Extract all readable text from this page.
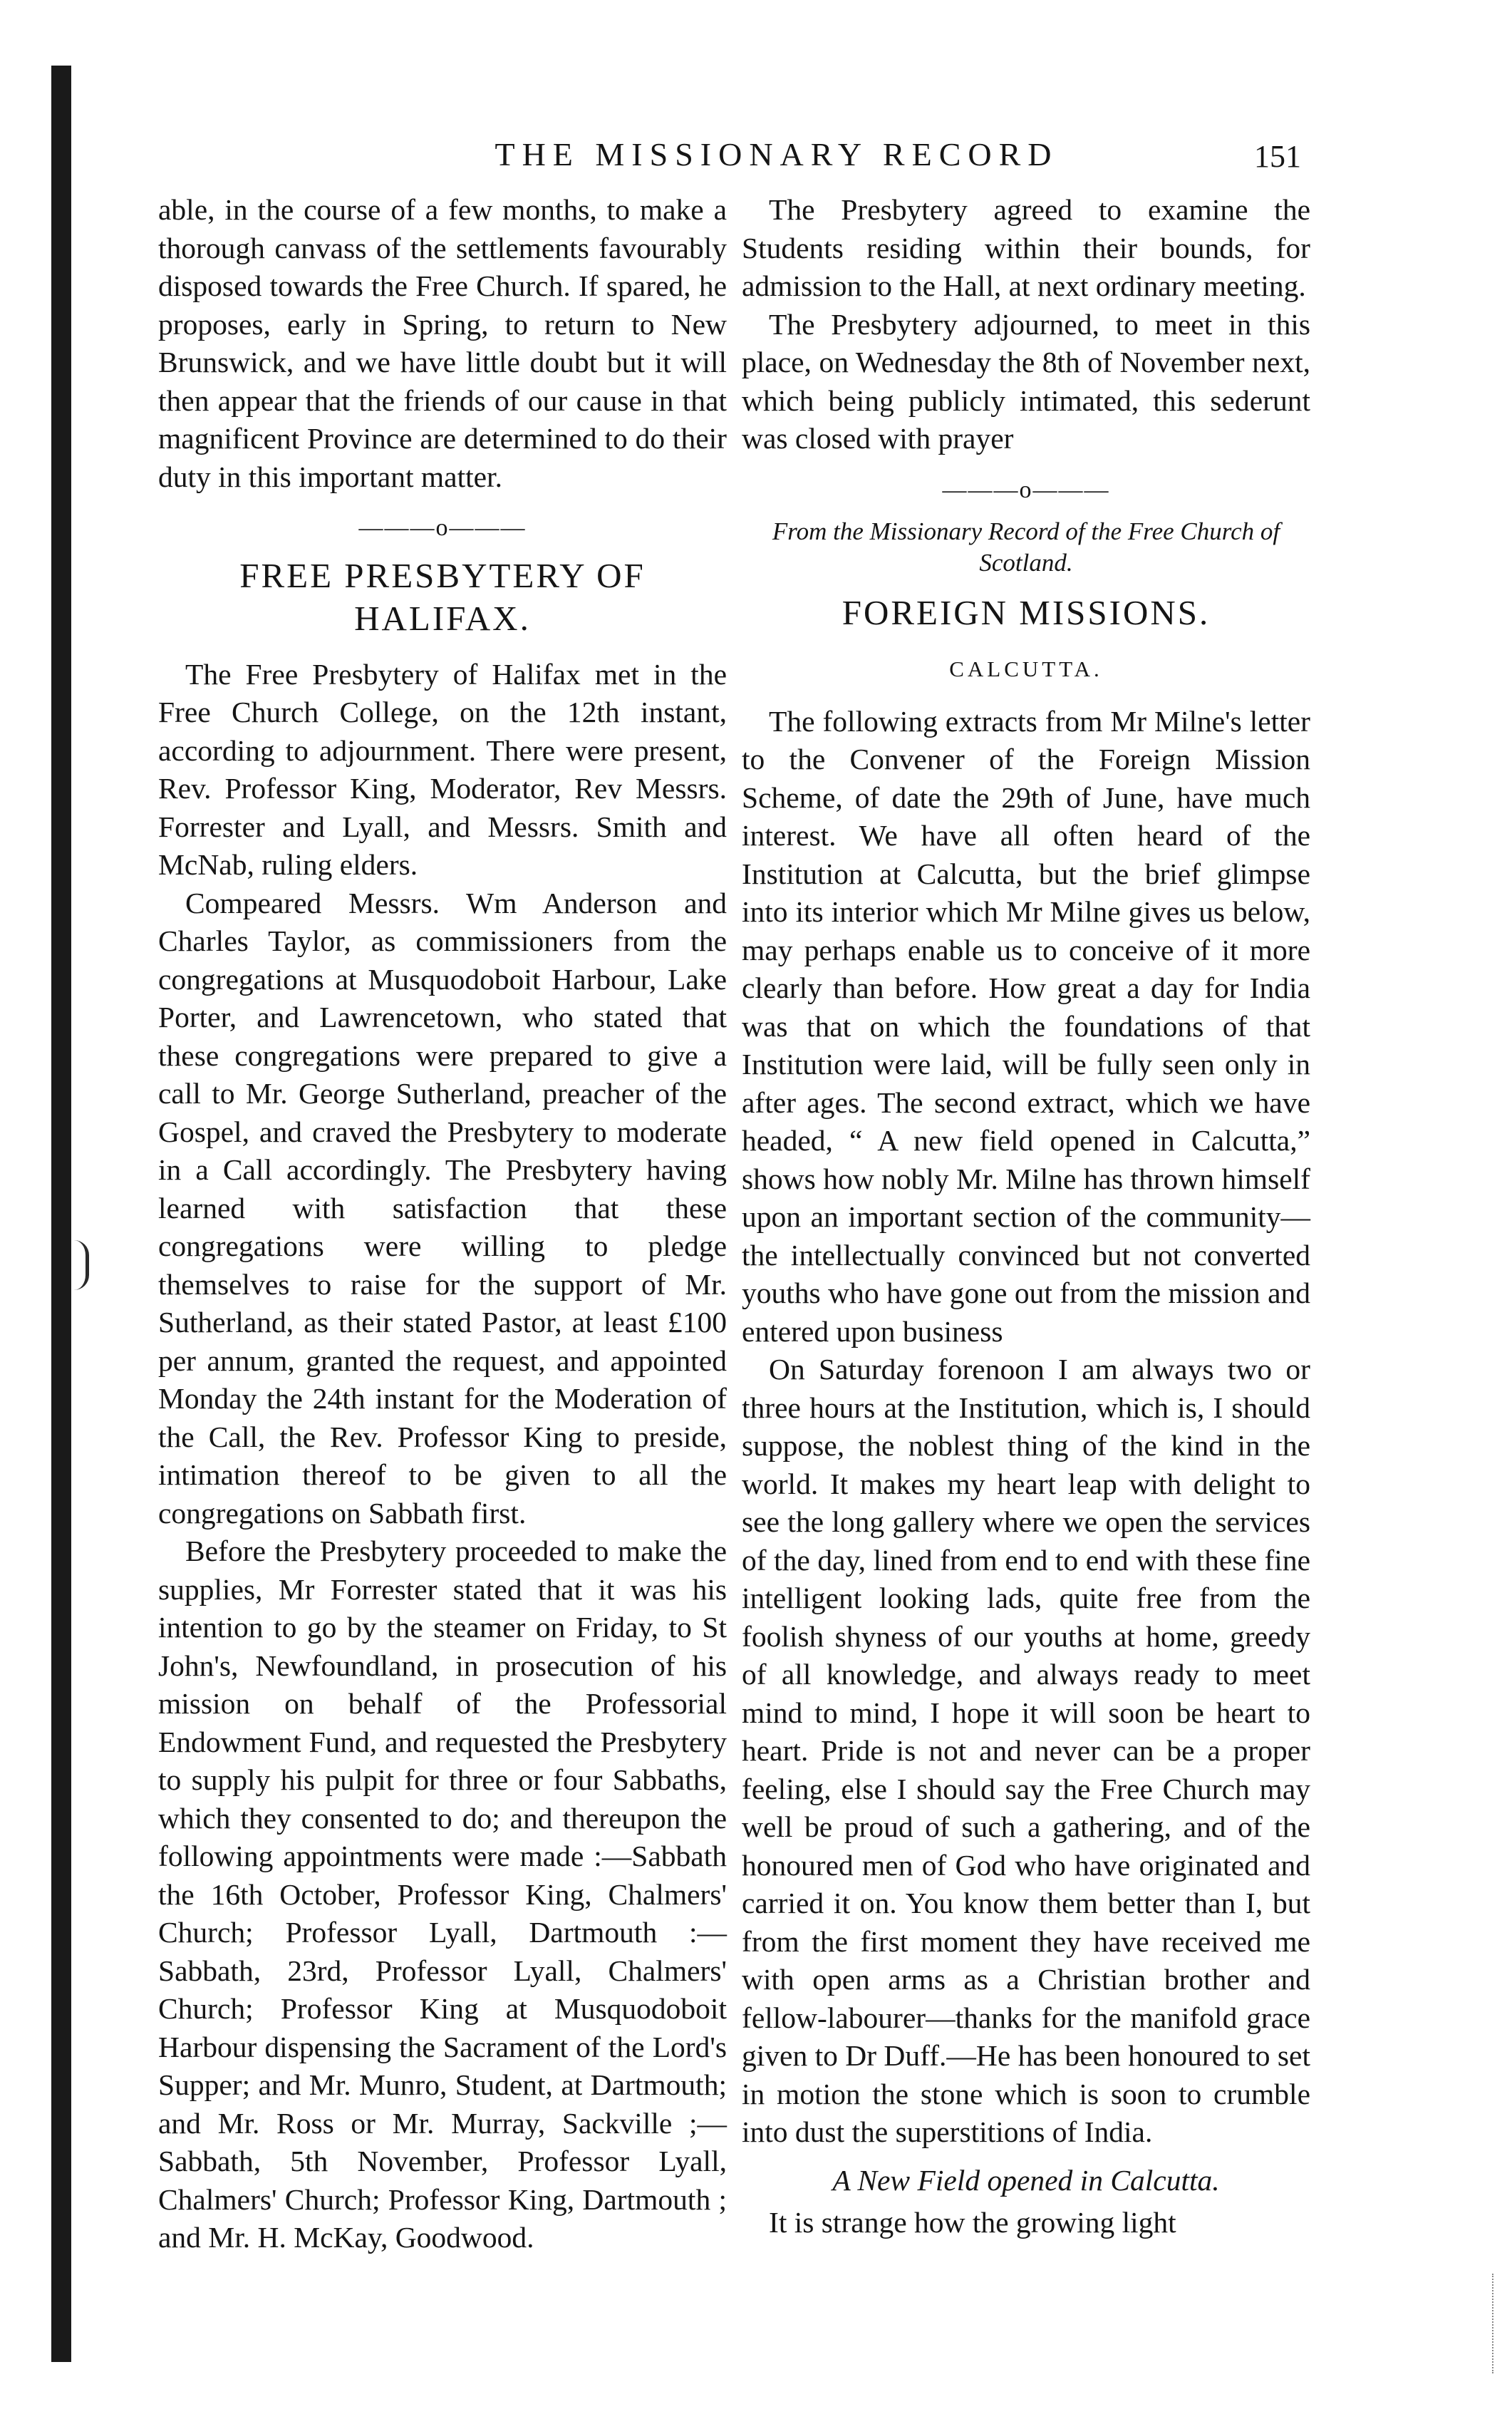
THE MISSIONARY RECORD	151

able, in the course of a few months, to make a thorough canvass of the settlements favourably disposed towards the Free Church. If spared, he proposes, early in Spring, to return to New Brunswick, and we have little doubt but it will then appear that the friends of our cause in that magnificent Province are determined to do their duty in this important matter.

———o———
FREE PRESBYTERY OF HALIFAX.

The Free Presbytery of Halifax met in the Free Church College, on the 12th instant, according to adjournment. There were present, Rev. Professor King, Moderator, Rev Messrs. Forrester and Lyall, and Messrs. Smith and McNab, ruling elders.

Compeared Messrs. Wm Anderson and Charles Taylor, as commissioners from the congregations at Musquodoboit Harbour, Lake Porter, and Lawrencetown, who stated that these congregations were prepared to give a call to Mr. George Sutherland, preacher of the Gospel, and craved the Presbytery to moderate in a Call accordingly. The Presbytery having learned with satisfaction that these congregations were willing to pledge themselves to raise for the support of Mr. Sutherland, as their stated Pastor, at least £100 per annum, granted the request, and appointed Monday the 24th instant for the Moderation of the Call, the Rev. Professor King to preside, intimation thereof to be given to all the congregations on Sabbath first.

Before the Presbytery proceeded to make the supplies, Mr Forrester stated that it was his intention to go by the steamer on Friday, to St John's, Newfoundland, in prosecution of his mission on behalf of the Professorial Endowment Fund, and requested the Presbytery to supply his pulpit for three or four Sabbaths, which they consented to do; and thereupon the following appointments were made :—Sabbath the 16th October, Professor King, Chalmers' Church; Professor Lyall, Dartmouth :—Sabbath, 23rd, Professor Lyall, Chalmers' Church; Professor King at Musquodoboit Harbour dispensing the Sacrament of the Lord's Supper; and Mr. Munro, Student, at Dartmouth; and Mr. Ross or Mr. Murray, Sackville ;—Sabbath, 5th November, Professor Lyall, Chalmers' Church; Professor King, Dartmouth ; and Mr. H. McKay, Goodwood.

The Presbytery agreed to examine the Students residing within their bounds, for admission to the Hall, at next ordinary meeting.

The Presbytery adjourned, to meet in this place, on Wednesday the 8th of November next, which being publicly intimated, this sederunt was closed with prayer

———o———
From the Missionary Record of the Free Church of Scotland.
FOREIGN MISSIONS.
CALCUTTA.

The following extracts from Mr Milne's letter to the Convener of the Foreign Mission Scheme, of date the 29th of June, have much interest. We have all often heard of the Institution at Calcutta, but the brief glimpse into its interior which Mr Milne gives us below, may perhaps enable us to conceive of it more clearly than before. How great a day for India was that on which the foundations of that Institution were laid, will be fully seen only in after ages. The second extract, which we have headed, “ A new field opened in Calcutta,” shows how nobly Mr. Milne has thrown himself upon an important section of the community—the intellectually convinced but not converted youths who have gone out from the mission and entered upon business

On Saturday forenoon I am always two or three hours at the Institution, which is, I should suppose, the noblest thing of the kind in the world. It makes my heart leap with delight to see the long gallery where we open the services of the day, lined from end to end with these fine intelligent looking lads, quite free from the foolish shyness of our youths at home, greedy of all knowledge, and always ready to meet mind to mind, I hope it will soon be heart to heart. Pride is not and never can be a proper feeling, else I should say the Free Church may well be proud of such a gathering, and of the honoured men of God who have originated and carried it on. You know them better than I, but from the first moment they have received me with open arms as a Christian brother and fellow-labourer—thanks for the manifold grace given to Dr Duff.—He has been honoured to set in motion the stone which is soon to crumble into dust the superstitions of India.

A New Field opened in Calcutta.

It is strange how the growing light
